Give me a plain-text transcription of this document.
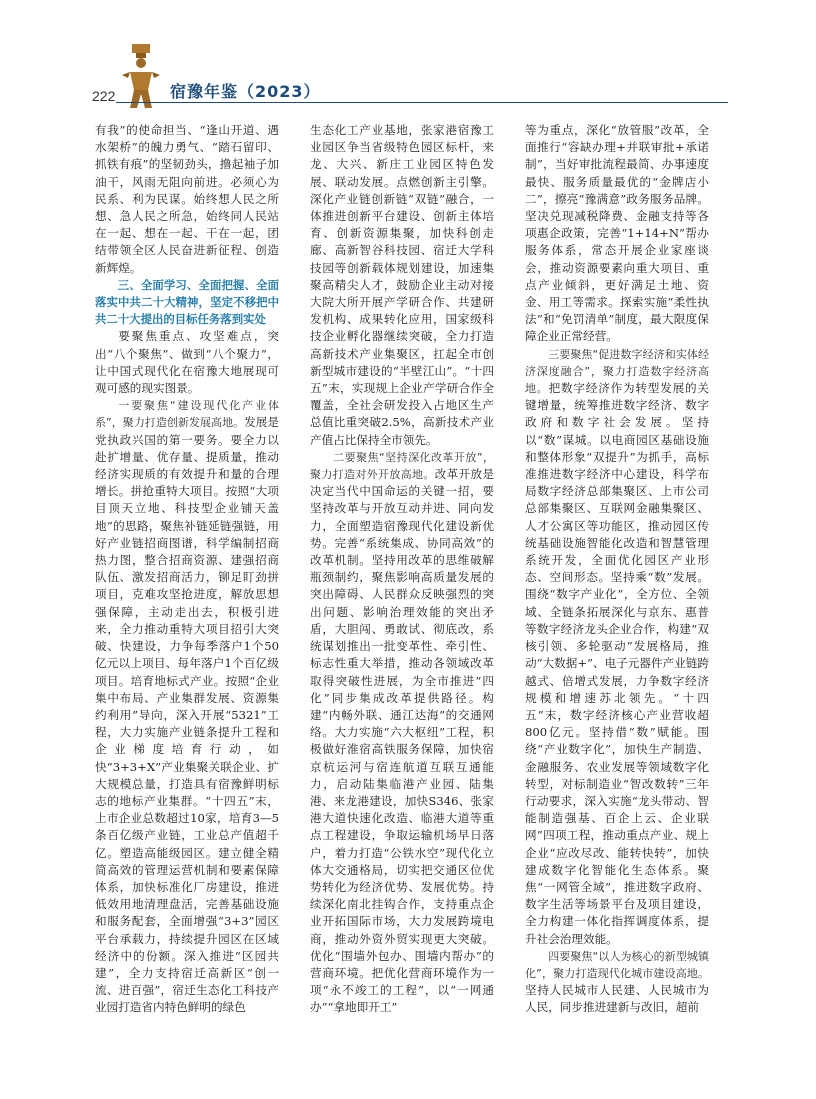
222	宿豫年鉴（2023）

有我”的使命担当、“逢山开道、遇水架桥”的魄力勇气、“踏石留印、抓铁有痕”的坚韧劲头，撸起袖子加油干，风雨无阻向前进。必须心为民系、利为民谋。始终想人民之所想、急人民之所急，始终同人民站在一起、想在一起、干在一起，团结带领全区人民奋进新征程、创造新辉煌。

三、全面学习、全面把握、全面落实中共二十大精神，坚定不移把中共二十大提出的目标任务落到实处

要聚焦重点、攻坚难点，突出“八个聚焦”、做到“八个聚力”，让中国式现代化在宿豫大地展现可观可感的现实图景。

一要聚焦“建设现代化产业体系”，聚力打造创新发展高地。发展是党执政兴国的第一要务。要全力以赴扩增量、优存量、提质量，推动经济实现质的有效提升和量的合理增长。拼抢重特大项目。按照“大项目顶天立地、科技型企业铺天盖地”的思路，聚焦补链延链强链，用好产业链招商图谱，科学编制招商热力图，整合招商资源、建强招商队伍、激发招商活力，铆足盯劲拼项目，克难攻坚抢进度，解放思想强保障，主动走出去，积极引进来，全力推动重特大项目招引大突破、快建设，力争每季落户1个50亿元以上项目、每年落户1个百亿级项目。培育地标式产业。按照“企业集中布局、产业集群发展、资源集约利用”导向，深入开展“5321”工程，大力实施产业链条提升工程和企业梯度培育行动，如快“3+3+X”产业集聚关联企业、扩大规模总量，打造具有宿豫鲜明标志的地标产业集群。“十四五”末，上市企业总数超过10家，培育3—5条百亿级产业链，工业总产值超千亿。塑造高能级园区。建立健全精简高效的管理运营机制和要素保障体系，加快标准化厂房建设，推进低效用地清理盘活，完善基础设施和服务配套，全面增强“3+3”园区平台承载力，持续提升园区在区域经济中的份额。深入推进“区园共建”，全力支持宿迁高新区“创一流、进百强”，宿迁生态化工科技产业园打造省内特色鲜明的绿色

生态化工产业基地，张家港宿豫工业园区争当省级特色园区标杆，来龙、大兴、新庄工业园区特色发展、联动发展。点燃创新主引擎。深化产业链创新链“双链”融合，一体推进创新平台建设、创新主体培育、创新资源集聚，加快科创走廊、高新智谷科技园、宿迁大学科技园等创新载体规划建设，加速集聚高精尖人才，鼓励企业主动对接大院大所开展产学研合作、共建研发机构、成果转化应用，国家级科技企业孵化器继续突破，全力打造高新技术产业集聚区，扛起全市创新型城市建设的“半壁江山”。“十四五”末，实现规上企业产学研合作全覆盖，全社会研发投入占地区生产总值比重突破2.5%，高新技术产业产值占比保持全市领先。

二要聚焦“坚持深化改革开放”，聚力打造对外开放高地。改革开放是决定当代中国命运的关键一招，要坚持改革与开放互动并进、同向发力，全面塑造宿豫现代化建设新优势。完善“系统集成、协同高效”的改革机制。坚持用改革的思维破解瓶颈制约，聚焦影响高质量发展的突出障碍、人民群众反映强烈的突出问题、影响治理效能的突出矛盾，大胆闯、勇敢试、彻底改，系统谋划推出一批变革性、牵引性、标志性重大举措，推动各领域改革取得突破性进展，为全市推进“四化”同步集成改革提供路径。构建“内畅外联、通江达海”的交通网络。大力实施“六大枢纽”工程，积极做好淮宿高铁服务保障，加快宿京杭运河与宿连航道互联互通能力，启动陆集临港产业园、陆集港、来龙港建设，加快S346、张家港大道快速化改造、临港大道等重点工程建设，争取运输机场早日落户，着力打造“公铁水空”现代化立体大交通格局，切实把交通区位优势转化为经济优势、发展优势。持续深化南北挂钩合作，支持重点企业开拓国际市场，大力发展跨境电商，推动外资外贸实现更大突破。优化“围墙外包办、围墙内帮办”的营商环境。把优化营商环境作为一项“永不竣工的工程”，以“一网通办”“拿地即开工”

等为重点，深化“放管服”改革，全面推行“容缺办理+并联审批+承诺制”，当好审批流程最简、办事速度最快、服务质量最优的“金牌店小二”，擦亮“豫满意”政务服务品牌。坚决兑现减税降费、金融支持等各项惠企政策，完善“1+14+N”帮办服务体系，常态开展企业家座谈会，推动资源要素向重大项目、重点产业倾斜，更好满足土地、资金、用工等需求。探索实施“柔性执法”和“免罚清单”制度，最大限度保障企业正常经营。

三要聚焦“促进数字经济和实体经济深度融合”，聚力打造数字经济高地。把数字经济作为转型发展的关键增量，统筹推进数字经济、数字政府和数字社会发展。坚持以“数”谋城。以电商园区基础设施和整体形象“双提升”为抓手，高标准推进数字经济中心建设，科学布局数字经济总部集聚区、上市公司总部集聚区、互联网金融集聚区、人才公寓区等功能区，推动园区传统基础设施智能化改造和智慧管理系统开发，全面优化园区产业形态、空间形态。坚持乘“数”发展。围绕“数字产业化”，全方位、全领域、全链条拓展深化与京东、惠普等数字经济龙头企业合作，构建“双核引领、多轮驱动”发展格局，推动“大数据+”、电子元器件产业链跨越式、倍增式发展，力争数字经济规模和增速苏北领先。“十四五”末，数字经济核心产业营收超800亿元。坚持借“数”赋能。围绕“产业数字化”，加快生产制造、金融服务、农业发展等领域数字化转型，对标制造业“智改数转”三年行动要求，深入实施“龙头带动、智能制造强基、百企上云、企业联网”四项工程，推动重点产业、规上企业“应改尽改、能转快转”，加快建成数字化智能化生态体系。聚焦“一网管全域”，推进数字政府、数字生活等场景平台及项目建设，全力构建一体化指挥调度体系，提升社会治理效能。

四要聚焦“以人为核心的新型城镇化”，聚力打造现代化城市建设高地。坚持人民城市人民建、人民城市为人民，同步推进建新与改旧，超前
